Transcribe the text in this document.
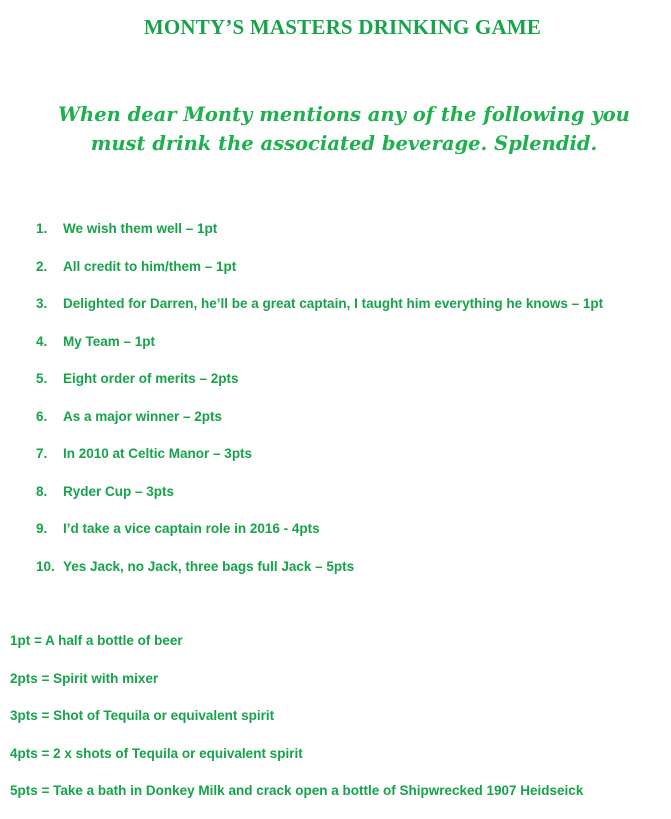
MONTY’S MASTERS DRINKING GAME
When dear Monty mentions any of the following you must drink the associated beverage. Splendid.
1. We wish them well – 1pt
2. All credit to him/them – 1pt
3. Delighted for Darren, he’ll be a great captain, I taught him everything he knows – 1pt
4. My Team – 1pt
5. Eight order of merits – 2pts
6. As a major winner – 2pts
7. In 2010 at Celtic Manor – 3pts
8. Ryder Cup – 3pts
9. I’d take a vice captain role in 2016 - 4pts
10. Yes Jack, no Jack, three bags full Jack – 5pts
1pt = A half a bottle of beer
2pts = Spirit with mixer
3pts = Shot of Tequila or equivalent spirit
4pts = 2 x shots of Tequila or equivalent spirit
5pts = Take a bath in Donkey Milk and crack open a bottle of Shipwrecked 1907 Heidseick
